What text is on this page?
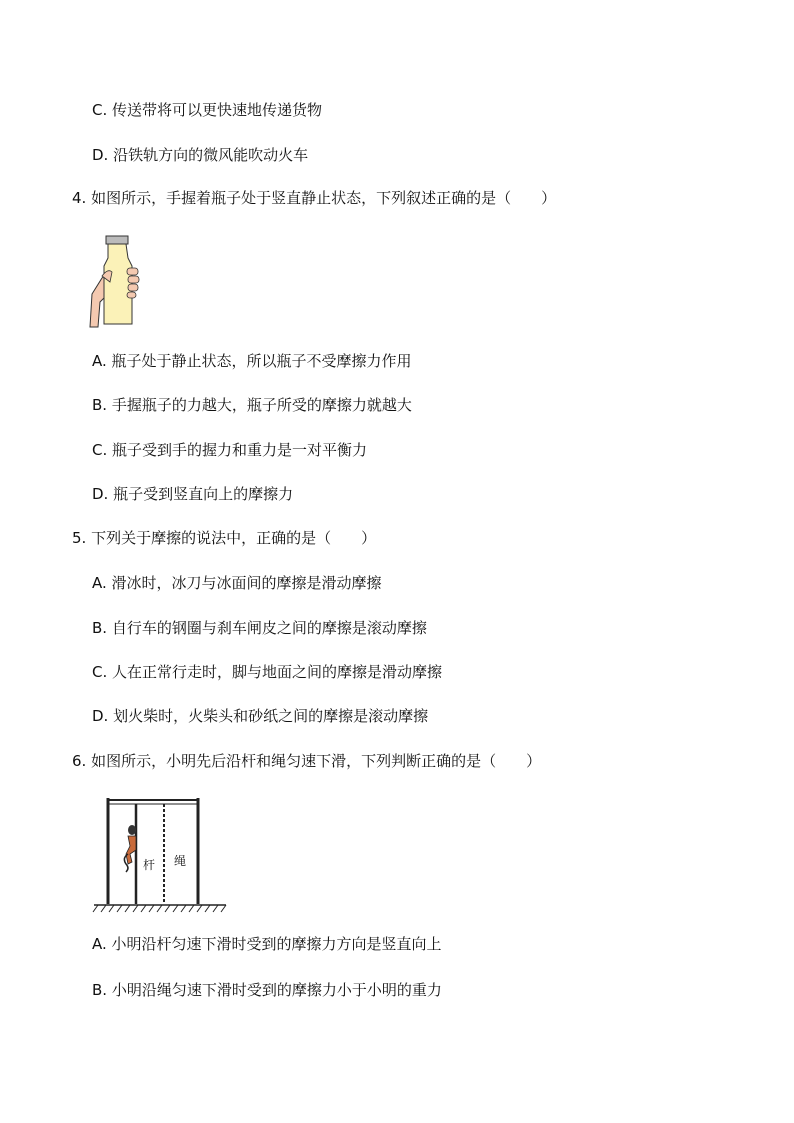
C. 传送带将可以更快速地传递货物
D. 沿铁轨方向的微风能吹动火车
4. 如图所示，手握着瓶子处于竖直静止状态，下列叙述正确的是（　　）
A. 瓶子处于静止状态，所以瓶子不受摩擦力作用
B. 手握瓶子的力越大，瓶子所受的摩擦力就越大
C. 瓶子受到手的握力和重力是一对平衡力
D. 瓶子受到竖直向上的摩擦力
5. 下列关于摩擦的说法中，正确的是（　　）
A. 滑冰时，冰刀与冰面间的摩擦是滑动摩擦
B. 自行车的钢圈与刹车闸皮之间的摩擦是滚动摩擦
C. 人在正常行走时，脚与地面之间的摩擦是滑动摩擦
D. 划火柴时，火柴头和砂纸之间的摩擦是滚动摩擦
6. 如图所示，小明先后沿杆和绳匀速下滑，下列判断正确的是（　　）
杆 绳
A. 小明沿杆匀速下滑时受到的摩擦力方向是竖直向上
B. 小明沿绳匀速下滑时受到的摩擦力小于小明的重力
